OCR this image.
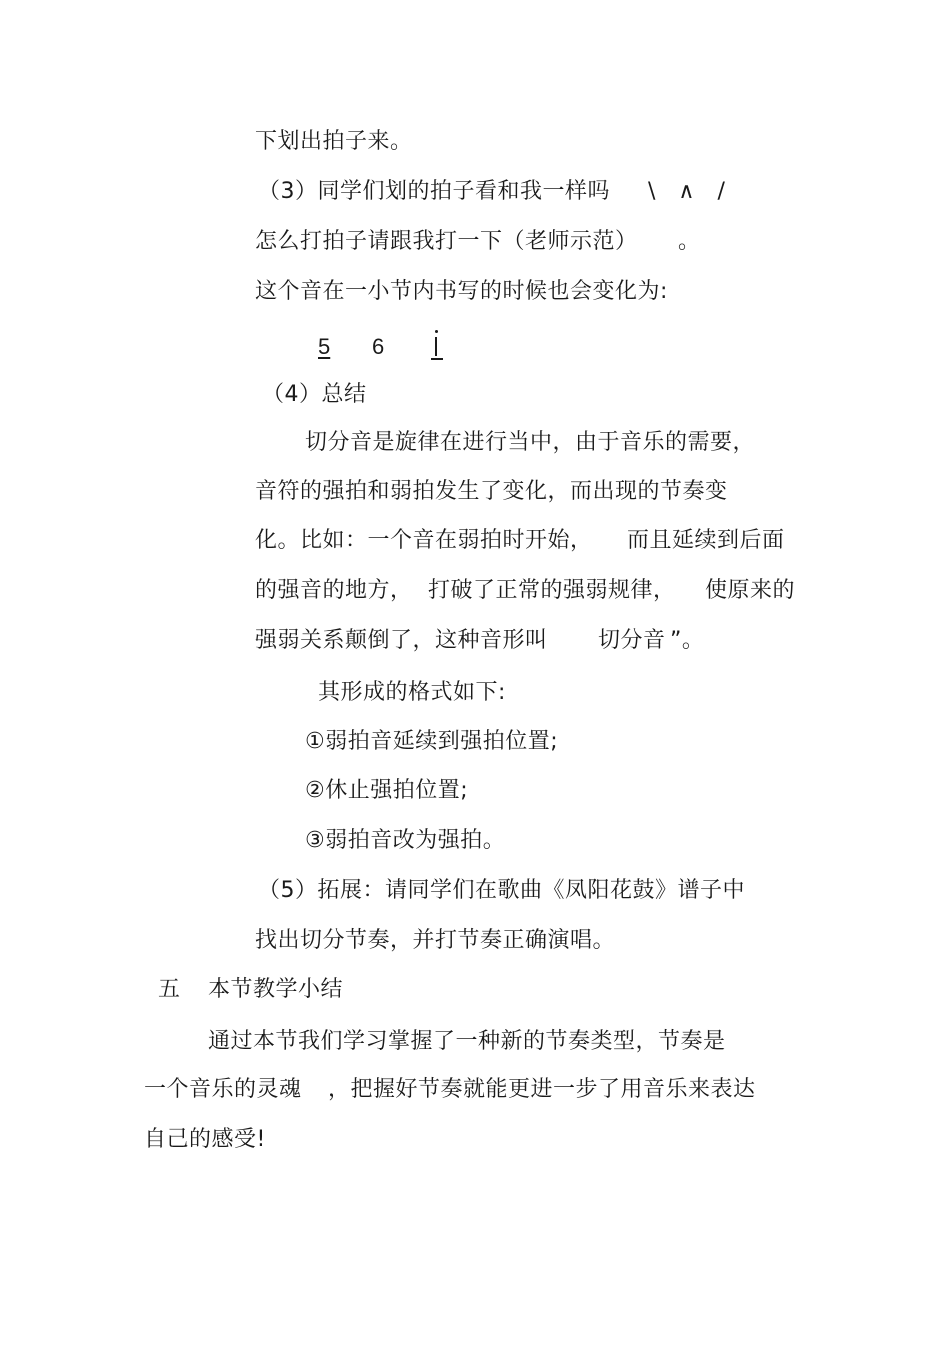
下划出拍子来。
（3）同学们划的拍子看和我一样吗 \   ∧   /
怎么打拍子请跟我打一下（老师示范） 。
这个音在一小节内书写的时候也会变化为:
5 6
（4）总结
切分音是旋律在进行当中，由于音乐的需要，
音符的强拍和弱拍发生了变化，而出现的节奏变
化。比如：一个音在弱拍时开始， 而且延续到后面
的强音的地方， 打破了正常的强弱规律， 使原来的
强弱关系颠倒了，这种音形叫 切分音 ”。
其形成的格式如下:
①弱拍音延续到强拍位置;
②休止强拍位置;
③弱拍音改为强拍。
（5）拓展：请同学们在歌曲《凤阳花鼓》谱子中
找出切分节奏，并打节奏正确演唱。
五 本节教学小结
通过本节我们学习掌握了一种新的节奏类型，节奏是
一个音乐的灵魂 ，把握好节奏就能更进一步了用音乐来表达
自己的感受!
